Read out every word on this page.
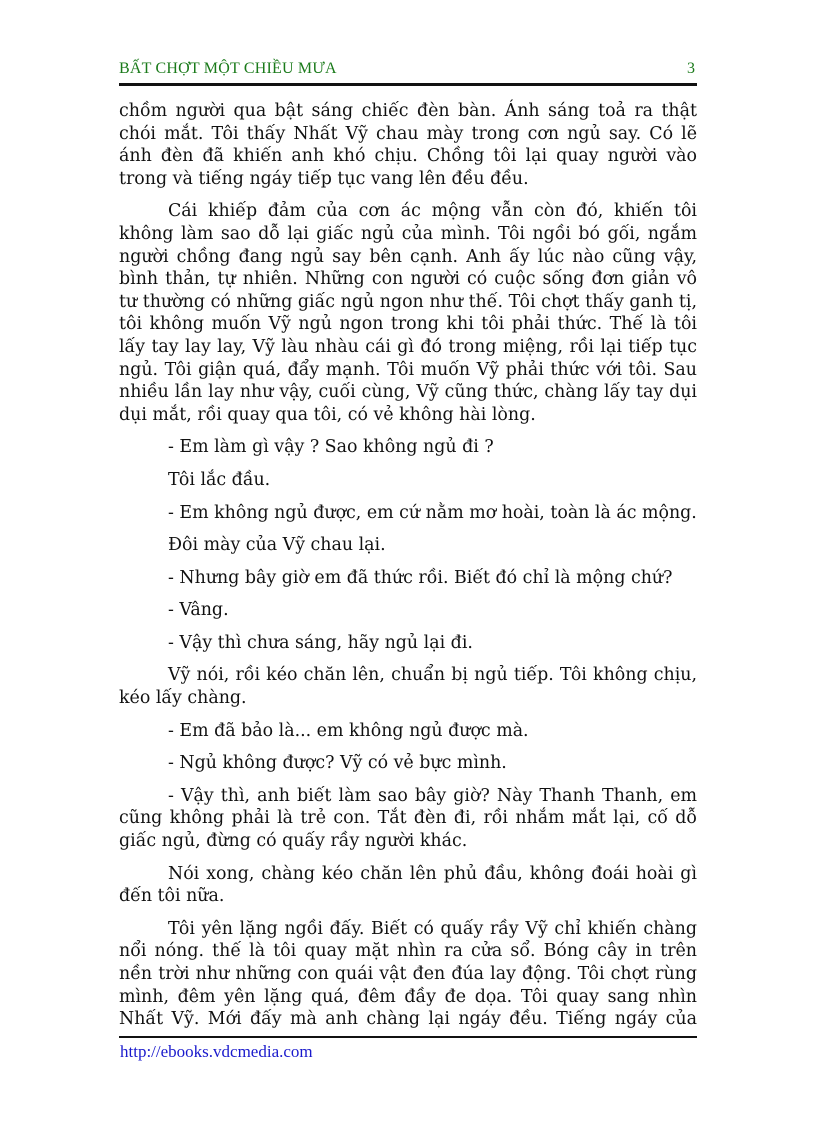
BẤT CHỢT MỘT CHIỀU MƯA	3

chồm người qua bật sáng chiếc đèn bàn. Ánh sáng toả ra thật chói mắt. Tôi thấy Nhất Vỹ chau mày trong cơn ngủ say. Có lẽ ánh đèn đã khiến anh khó chịu. Chồng tôi lại quay người vào trong và tiếng ngáy tiếp tục vang lên đều đều.

Cái khiếp đảm của cơn ác mộng vẫn còn đó, khiến tôi không làm sao dỗ lại giấc ngủ của mình. Tôi ngồi bó gối, ngắm người chồng đang ngủ say bên cạnh. Anh ấy lúc nào cũng vậy, bình thản, tự nhiên. Những con người có cuộc sống đơn giản vô tư thường có những giấc ngủ ngon như thế. Tôi chợt thấy ganh tị, tôi không muốn Vỹ ngủ ngon trong khi tôi phải thức. Thế là tôi lấy tay lay lay, Vỹ làu nhàu cái gì đó trong miệng, rồi lại tiếp tục ngủ. Tôi giận quá, đẩy mạnh. Tôi muốn Vỹ phải thức với tôi. Sau nhiều lần lay như vậy, cuối cùng, Vỹ cũng thức, chàng lấy tay dụi dụi mắt, rồi quay qua tôi, có vẻ không hài lòng.

- Em làm gì vậy ? Sao không ngủ đi ?

Tôi lắc đầu.

- Em không ngủ được, em cứ nằm mơ hoài, toàn là ác mộng.

Đôi mày của Vỹ chau lại.

- Nhưng bây giờ em đã thức rồi. Biết đó chỉ là mộng chứ?

- Vâng.

- Vậy thì chưa sáng, hãy ngủ lại đi.

Vỹ nói, rồi kéo chăn lên, chuẩn bị ngủ tiếp. Tôi không chịu, kéo lấy chàng.

- Em đã bảo là... em không ngủ được mà.

- Ngủ không được? Vỹ có vẻ bực mình.

- Vậy thì, anh biết làm sao bây giờ? Này Thanh Thanh, em cũng không phải là trẻ con. Tắt đèn đi, rồi nhắm mắt lại, cố dỗ giấc ngủ, đừng có quấy rầy người khác.

Nói xong, chàng kéo chăn lên phủ đầu, không đoái hoài gì đến tôi nữa.

Tôi yên lặng ngồi đấy. Biết có quấy rầy Vỹ chỉ khiến chàng nổi nóng. thế là tôi quay mặt nhìn ra cửa sổ. Bóng cây in trên nền trời như những con quái vật đen đúa lay động. Tôi chợt rùng mình, đêm yên lặng quá, đêm đầy đe dọa. Tôi quay sang nhìn Nhất Vỹ. Mới đấy mà anh chàng lại ngáy đều. Tiếng ngáy của

http://ebooks.vdcmedia.com
